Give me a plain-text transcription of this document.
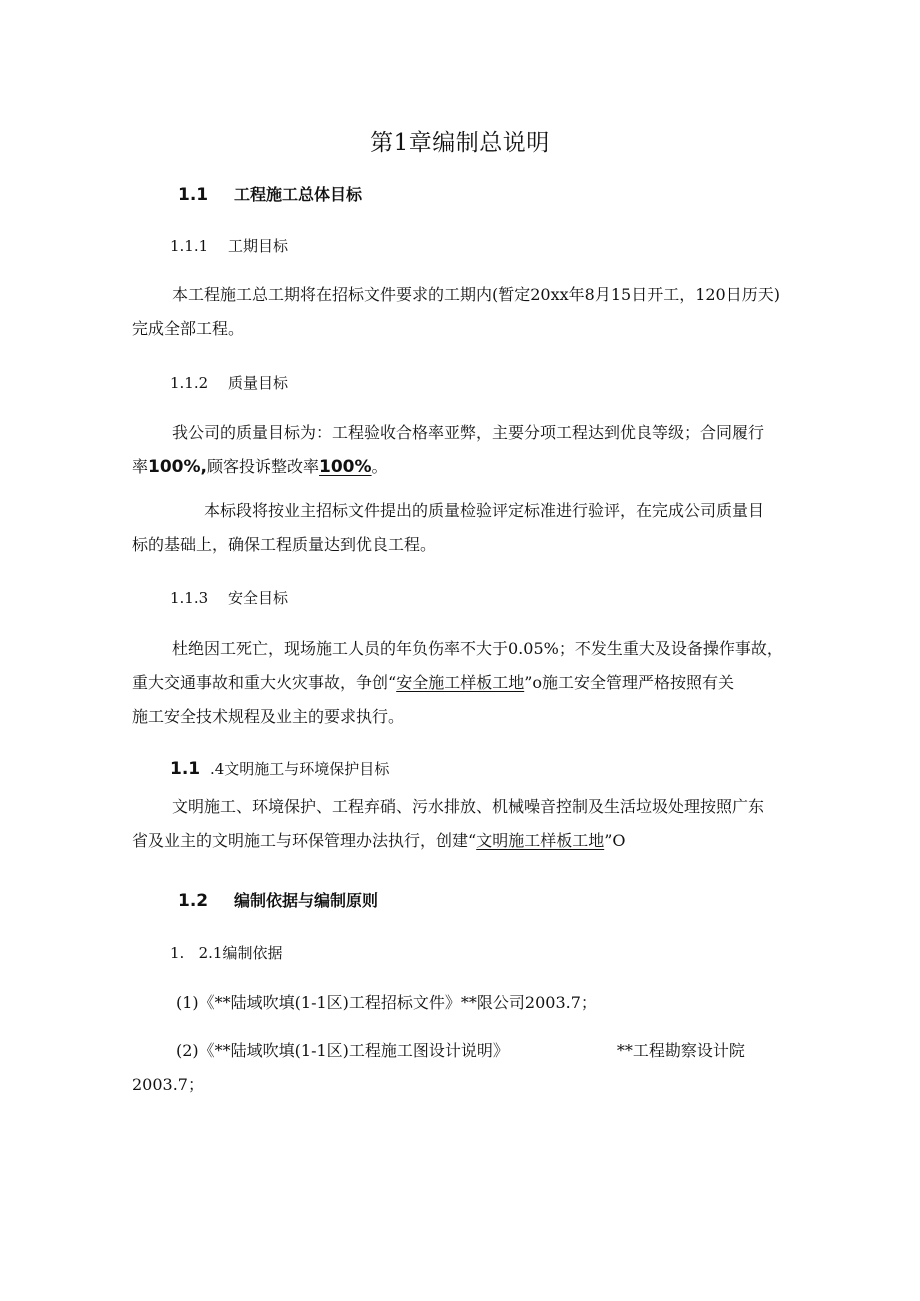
第1章编制总说明
1.1 工程施工总体目标
1.1.1 工期目标
本工程施工总工期将在招标文件要求的工期内(暂定20xx年8月15日开工，120日历天)
完成全部工程。
1.1.2 质量目标
我公司的质量目标为：工程验收合格率亚弊，主要分项工程达到优良等级；合同履行
率100%,顾客投诉整改率100%。
本标段将按业主招标文件提出的质量检验评定标准进行验评，在完成公司质量目
标的基础上，确保工程质量达到优良工程。
1.1.3 安全目标
杜绝因工死亡，现场施工人员的年负伤率不大于0.05%；不发生重大及设备操作事故，
重大交通事故和重大火灾事故，争创“安全施工样板工地”o施工安全管理严格按照有关
施工安全技术规程及业主的要求执行。
1.1 .4文明施工与环境保护目标
文明施工、环境保护、工程弃硝、污水排放、机械噪音控制及生活垃圾处理按照广东
省及业主的文明施工与环保管理办法执行，创建“文明施工样板工地”O
1.2 编制依据与编制原则
1.   2.1编制依据
(1)《**陆域吹填(1-1区)工程招标文件》**限公司2003.7；
(2)《**陆域吹填(1-1区)工程施工图设计说明》	**工程勘察设计院
2003.7；
